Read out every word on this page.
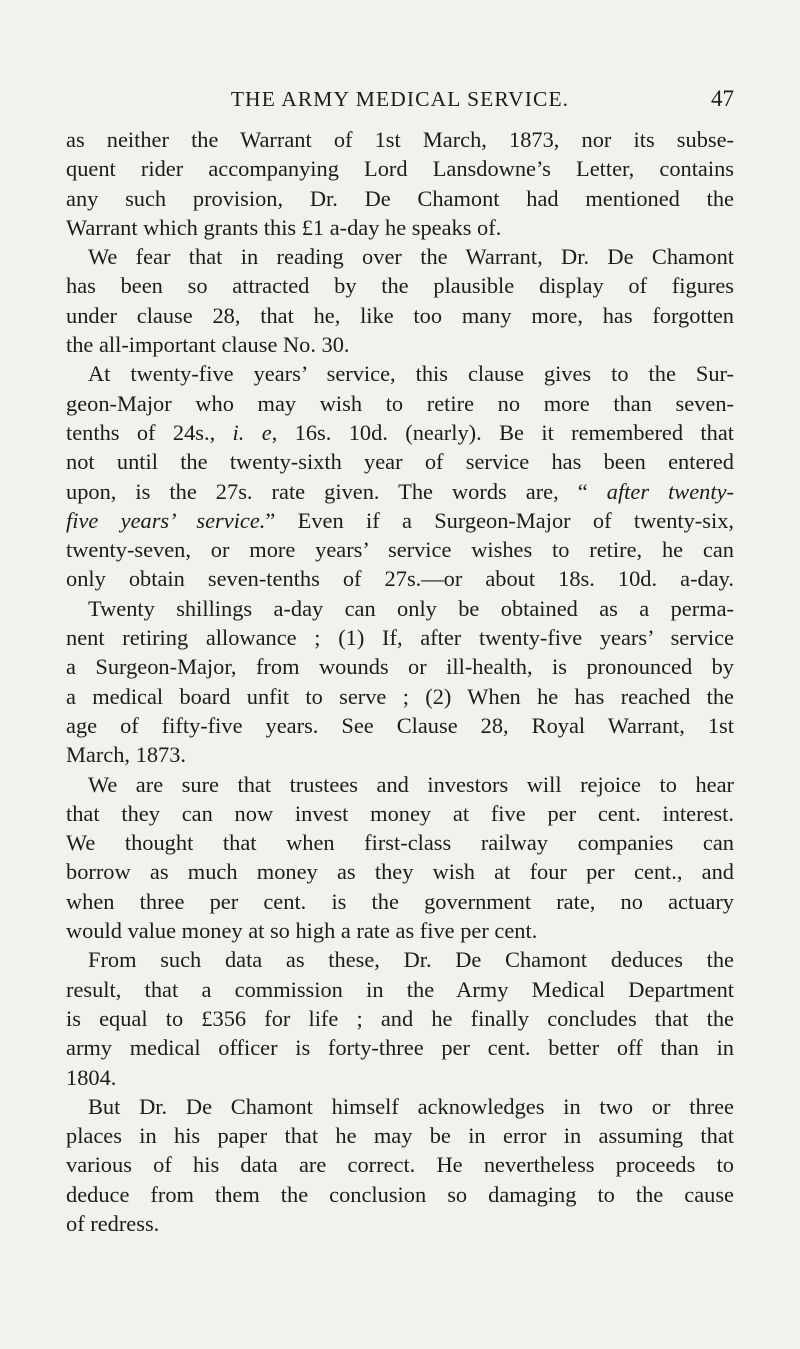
THE ARMY MEDICAL SERVICE.	47
as neither the Warrant of 1st March, 1873, nor its subse-
quent rider accompanying Lord Lansdowne’s Letter, contains
any such provision, Dr. De Chamont had mentioned the
Warrant which grants this £1 a-day he speaks of.
We fear that in reading over the Warrant, Dr. De Chamont
has been so attracted by the plausible display of figures
under clause 28, that he, like too many more, has forgotten
the all-important clause No. 30.
At twenty-five years’ service, this clause gives to the Sur-
geon-Major who may wish to retire no more than seven-
tenths of 24s., i. e, 16s. 10d. (nearly). Be it remembered that
not until the twenty-sixth year of service has been entered
upon, is the 27s. rate given. The words are, “ after twenty-
five years’ service.” Even if a Surgeon-Major of twenty-six,
twenty-seven, or more years’ service wishes to retire, he can
only obtain seven-tenths of 27s.—or about 18s. 10d. a-day.
Twenty shillings a-day can only be obtained as a perma-
nent retiring allowance ; (1) If, after twenty-five years’ service
a Surgeon-Major, from wounds or ill-health, is pronounced by
a medical board unfit to serve ; (2) When he has reached the
age of fifty-five years. See Clause 28, Royal Warrant, 1st
March, 1873.
We are sure that trustees and investors will rejoice to hear
that they can now invest money at five per cent. interest.
We thought that when first-class railway companies can
borrow as much money as they wish at four per cent., and
when three per cent. is the government rate, no actuary
would value money at so high a rate as five per cent.
From such data as these, Dr. De Chamont deduces the
result, that a commission in the Army Medical Department
is equal to £356 for life ; and he finally concludes that the
army medical officer is forty-three per cent. better off than in
1804.
But Dr. De Chamont himself acknowledges in two or three
places in his paper that he may be in error in assuming that
various of his data are correct. He nevertheless proceeds to
deduce from them the conclusion so damaging to the cause
of redress.
